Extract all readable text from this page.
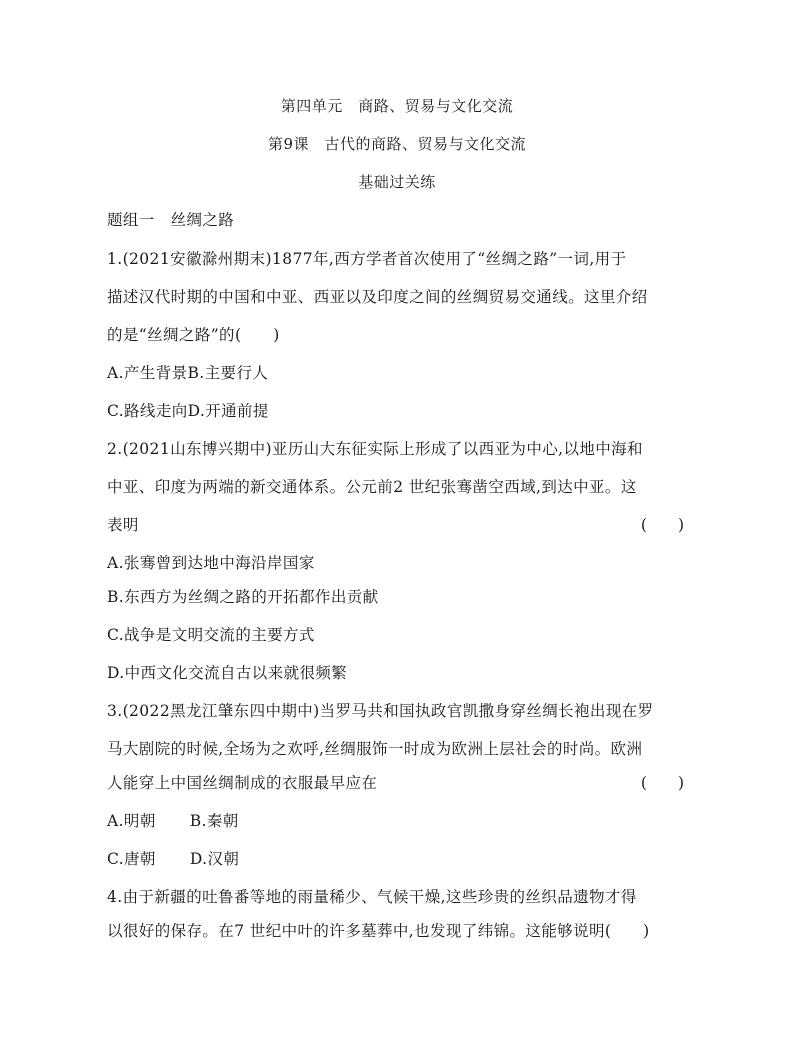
第四单元　商路、贸易与文化交流
第9课　古代的商路、贸易与文化交流
基础过关练
题组一　丝绸之路
1.(2021安徽滁州期末)1877年,西方学者首次使用了“丝绸之路”一词,用于
描述汉代时期的中国和中亚、西亚以及印度之间的丝绸贸易交通线。这里介绍
的是“丝绸之路”的(　　)
A.产生背景B.主要行人
C.路线走向D.开通前提
2.(2021山东博兴期中)亚历山大东征实际上形成了以西亚为中心,以地中海和
中亚、印度为两端的新交通体系。公元前2 世纪张骞凿空西域,到达中亚。这
表明	(　　)
A.张骞曾到达地中海沿岸国家
B.东西方为丝绸之路的开拓都作出贡献
C.战争是文明交流的主要方式
D.中西文化交流自古以来就很频繁
3.(2022黑龙江肇东四中期中)当罗马共和国执政官凯撒身穿丝绸长袍出现在罗
马大剧院的时候,全场为之欢呼,丝绸服饰一时成为欧洲上层社会的时尚。欧洲
人能穿上中国丝绸制成的衣服最早应在	(　　)
A.明朝 B.秦朝
C.唐朝 D.汉朝
4.由于新疆的吐鲁番等地的雨量稀少、气候干燥,这些珍贵的丝织品遗物才得
以很好的保存。在7 世纪中叶的许多墓葬中,也发现了纬锦。这能够说明(　　)
